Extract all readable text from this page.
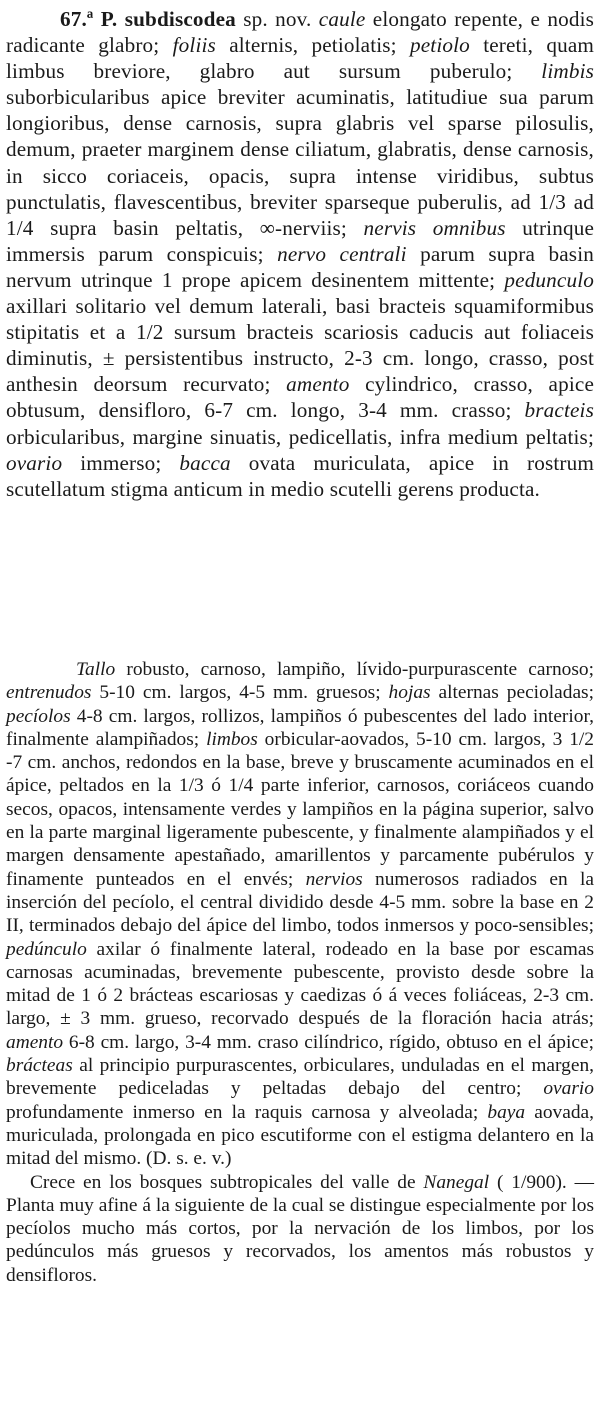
67.ª P. subdiscodea sp. nov. caule elongato repente, e nodis radicante glabro; foliis alternis, petiolatis; petiolo tereti, quam limbus breviore, glabro aut sursum puberulo; limbis suborbicularibus apice breviter acuminatis, latitudiue sua parum longioribus, dense carnosis, supra glabris vel sparse pilosulis, demum, praeter marginem dense ciliatum, glabratis, dense carnosis, in sicco coriaceis, opacis, supra intense viridibus, subtus punctulatis, flavescentibus, breviter sparseque puberulis, ad 1/3 ad 1/4 supra basin peltatis, ∞-nerviis; nervis omnibus utrinque immersis parum conspicuis; nervo centrali parum supra basin nervum utrinque 1 prope apicem desinentem mittente; pedunculo axillari solitario vel demum laterali, basi bracteis squamiformibus stipitatis et a 1/2 sursum bracteis scariosis caducis aut foliaceis diminutis, ± persistentibus instructo, 2-3 cm. longo, crasso, post anthesin deorsum recurvato; amento cylindrico, crasso, apice obtusum, densifloro, 6-7 cm. longo, 3-4 mm. crasso; bracteis orbicularibus, margine sinuatis, pedicellatis, infra medium peltatis; ovario immerso; bacca ovata muriculata, apice in rostrum scutellatum stigma anticum in medio scutelli gerens producta.

Tallo robusto, carnoso, lampiño, lívido-purpurascente carnoso; entrenudos 5-10 cm. largos, 4-5 mm. gruesos; hojas alternas pecioladas; pecíolos 4-8 cm. largos, rollizos, lampiños ó pubescentes del lado interior, finalmente alampiñados; limbos orbicular-aovados, 5-10 cm. largos, 3 1/2 -7 cm. anchos, redondos en la base, breve y bruscamente acuminados en el ápice, peltados en la 1/3 ó 1/4 parte inferior, carnosos, coriáceos cuando secos, opacos, intensamente verdes y lampiños en la página superior, salvo en la parte marginal ligeramente pubescente, y finalmente alampiñados y el margen densamente apestañado, amarillentos y parcamente pubérulos y finamente punteados en el envés; nervios numerosos radiados en la inserción del pecíolo, el central dividido desde 4-5 mm. sobre la base en 2 II, terminados debajo del ápice del limbo, todos inmersos y poco-sensibles; pedúnculo axilar ó finalmente lateral, rodeado en la base por escamas carnosas acuminadas, brevemente pubescente, provisto desde sobre la mitad de 1 ó 2 brácteas escariosas y caedizas ó á veces foliáceas, 2-3 cm. largo, ± 3 mm. grueso, recorvado después de la floración hacia atrás; amento 6-8 cm. largo, 3-4 mm. craso cilíndrico, rígido, obtuso en el ápice; brácteas al principio purpurascentes, orbiculares, unduladas en el margen, brevemente pediceladas y peltadas debajo del centro; ovario profundamente inmerso en la raquis carnosa y alveolada; baya aovada, muriculada, prolongada en pico escutiforme con el estigma delantero en la mitad del mismo. (D. s. e. v.)

Crece en los bosques subtropicales del valle de Nanegal ( 1/900). — Planta muy afine á la siguiente de la cual se distingue especialmente por los pecíolos mucho más cortos, por la nervación de los limbos, por los pedúnculos más gruesos y recorvados, los amentos más robustos y densifloros.
